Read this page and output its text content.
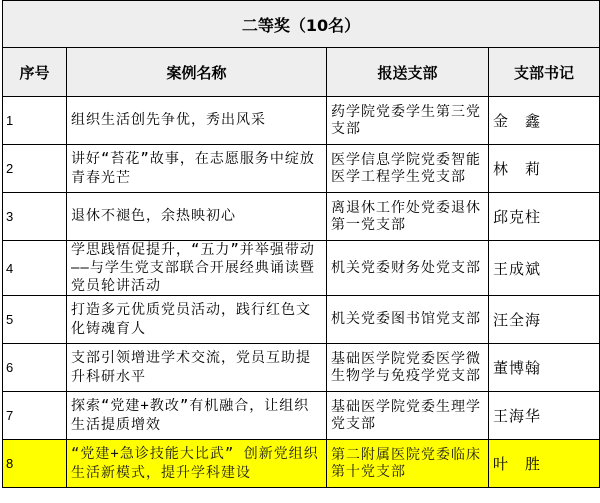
二等奖（10名）			
序号	案例名称	报送支部	支部书记
1	组织生活创先争优，秀出风采	药学院党委学生第三党支部	金　鑫
2	讲好“苔花”故事，在志愿服务中绽放青春光芒	医学信息学院党委智能医学工程学生党支部	林　莉
3	退休不褪色，余热映初心	离退休工作处党委退休第一党支部	邱克柱
4	学思践悟促提升，“五力”并举强带动——与学生党支部联合开展经典诵读暨党员轮讲活动	机关党委财务处党支部	王成斌
5	打造多元优质党员活动，践行红色文化铸魂育人	机关党委图书馆党支部	汪全海
6	支部引领增进学术交流，党员互助提升科研水平	基础医学院党委医学微生物学与免疫学党支部	董博翰
7	探索“党建+教改”有机融合，让组织生活提质增效	基础医学院党委生理学党支部	王海华
8	“党建+急诊技能大比武” 创新党组织生活新模式，提升学科建设	第二附属医院党委临床第十党支部	叶　胜
